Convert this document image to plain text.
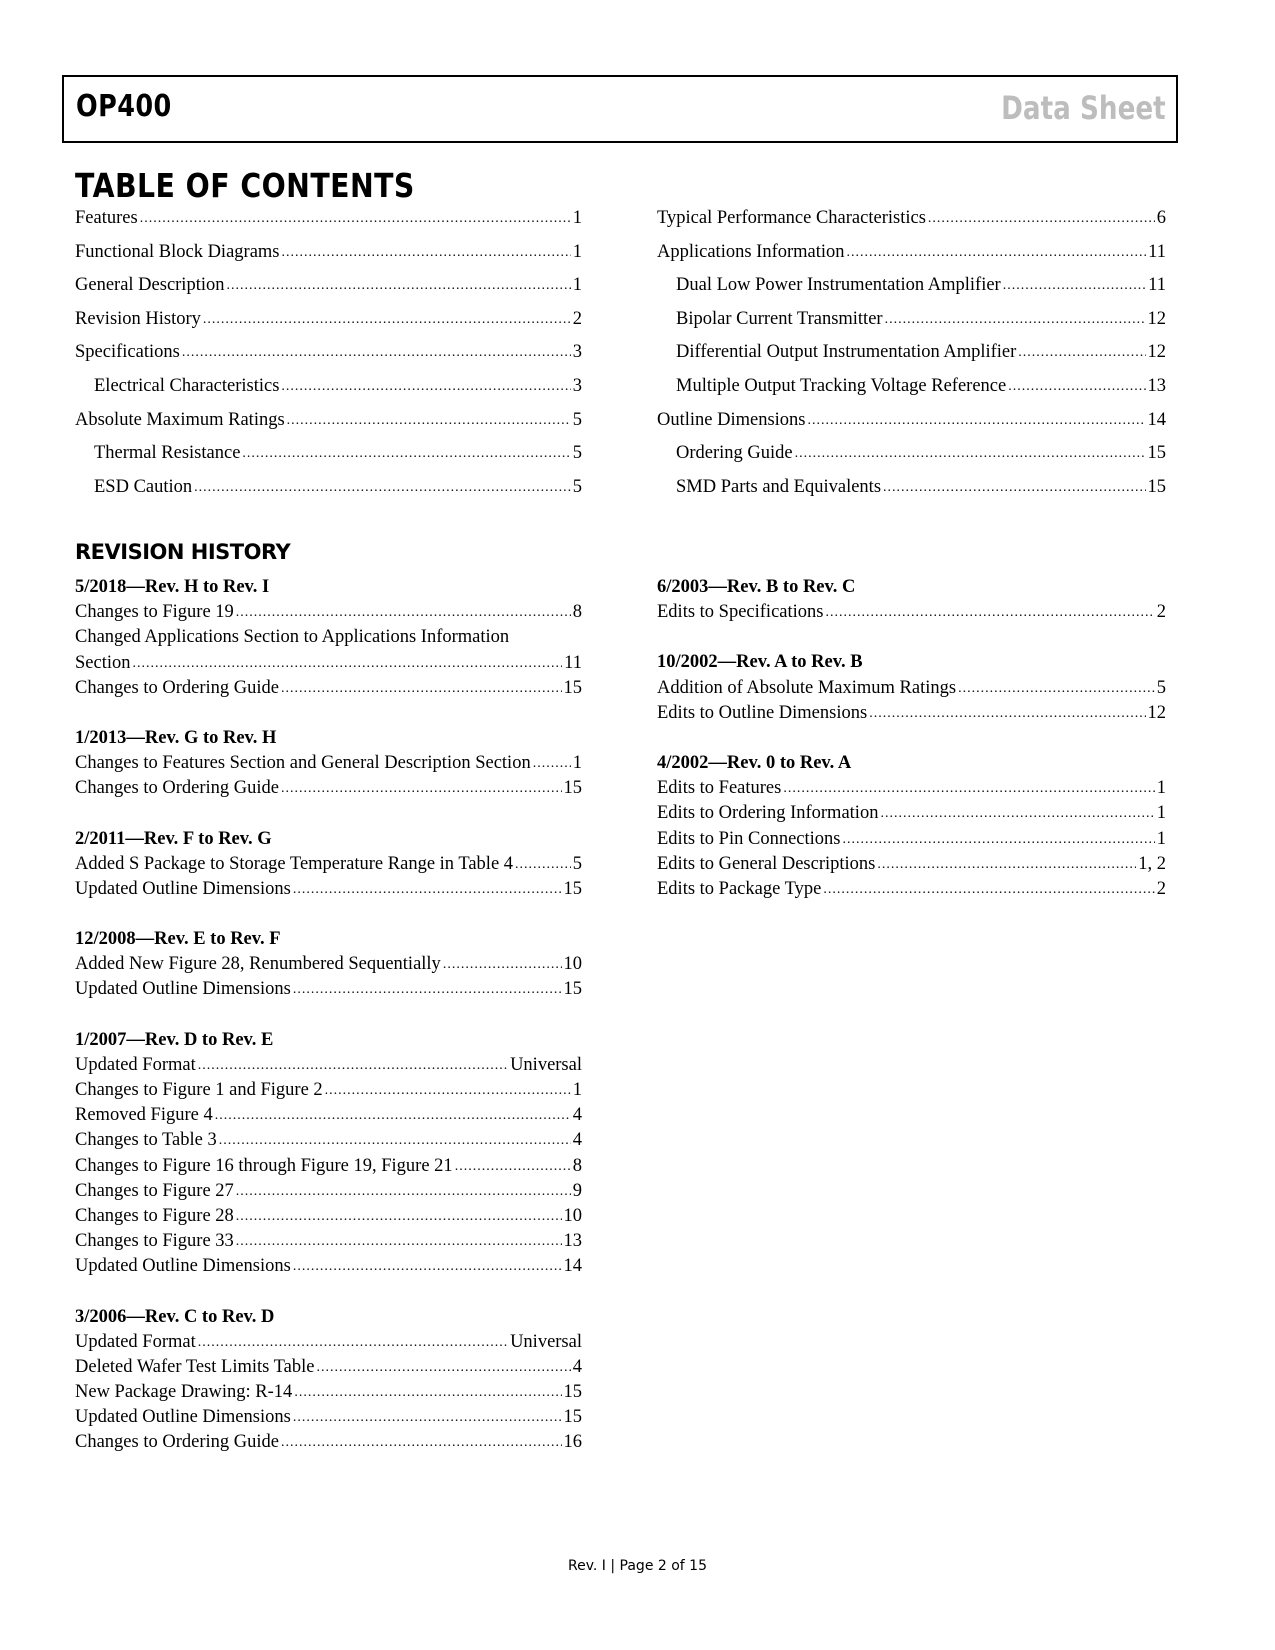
OP400	Data Sheet
TABLE OF CONTENTS
Features .....	1
Functional Block Diagrams .....	1
General Description .....	1
Revision History .....	2
Specifications .....	3
Electrical Characteristics .....	3
Absolute Maximum Ratings .....	5
Thermal Resistance .....	5
ESD Caution .....	5
Typical Performance Characteristics .....	6
Applications Information .....	11
Dual Low Power Instrumentation Amplifier .....	11
Bipolar Current Transmitter .....	12
Differential Output Instrumentation Amplifier .....	12
Multiple Output Tracking Voltage Reference .....	13
Outline Dimensions .....	14
Ordering Guide .....	15
SMD Parts and Equivalents .....	15
REVISION HISTORY
5/2018—Rev. H to Rev. I
Changes to Figure 19 .....	8
Changed Applications Section to Applications Information
Section .....	11
Changes to Ordering Guide .....	15
1/2013—Rev. G to Rev. H
Changes to Features Section and General Description Section ..... 1
Changes to Ordering Guide .....	15
2/2011—Rev. F to Rev. G
Added S Package to Storage Temperature Range in Table 4 .....	5
Updated Outline Dimensions .....	15
12/2008—Rev. E to Rev. F
Added New Figure 28, Renumbered Sequentially .....	10
Updated Outline Dimensions .....	15
1/2007—Rev. D to Rev. E
Updated Format .....	Universal
Changes to Figure 1 and Figure 2 .....	1
Removed Figure 4 .....	4
Changes to Table 3 .....	4
Changes to Figure 16 through Figure 19, Figure 21 .....	8
Changes to Figure 27 .....	9
Changes to Figure 28 .....	10
Changes to Figure 33 .....	13
Updated Outline Dimensions .....	14
3/2006—Rev. C to Rev. D
Updated Format .....	Universal
Deleted Wafer Test Limits Table .....	4
New Package Drawing: R-14 .....	15
Updated Outline Dimensions .....	15
Changes to Ordering Guide .....	16
6/2003—Rev. B to Rev. C
Edits to Specifications .....	2
10/2002—Rev. A to Rev. B
Addition of Absolute Maximum Ratings .....	5
Edits to Outline Dimensions .....	12
4/2002—Rev. 0 to Rev. A
Edits to Features .....	1
Edits to Ordering Information .....	1
Edits to Pin Connections .....	1
Edits to General Descriptions .....	1, 2
Edits to Package Type .....	2
Rev. I | Page 2 of 15
